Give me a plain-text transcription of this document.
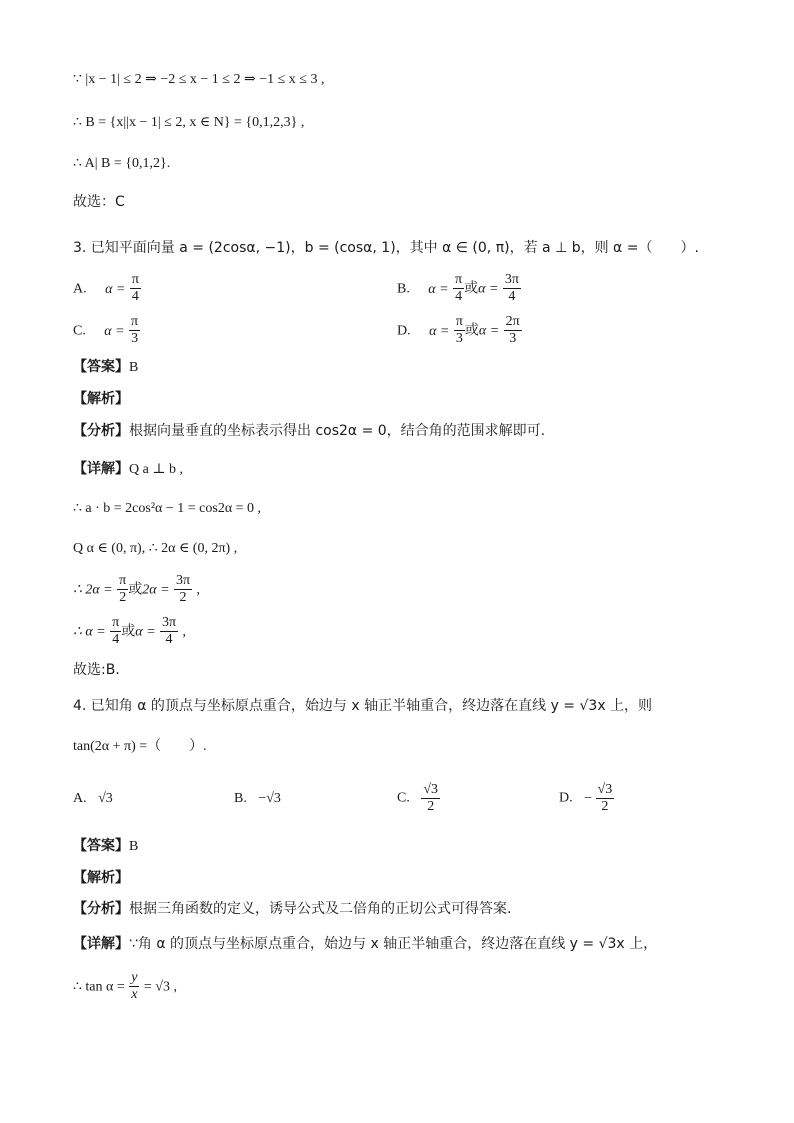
∵ |x − 1| ≤ 2 ⇒ −2 ≤ x − 1 ≤ 2 ⇒ −1 ≤ x ≤ 3 ,
∴ B = {x||x − 1| ≤ 2, x ∈ N} = {0,1,2,3} ,
∴ A| B = {0,1,2}.
故选：C
3. 已知平面向量 a = (2cosα, −1)，b = (cosα, 1)，其中 α ∈ (0, π)，若 a ⊥ b，则 α =（　　）.
A. $\alpha = \frac{\pi}{4}$	B. $\alpha = \frac{\pi}{4}$ 或$\alpha = \frac{3\pi}{4}$
C. $\alpha = \frac{\pi}{3}$	D. $\alpha = \frac{\pi}{3}$ 或$\alpha = \frac{2\pi}{3}$
【答案】B
【解析】
【分析】根据向量垂直的坐标表示得出 cos2α = 0，结合角的范围求解即可.
【详解】Q a ⊥ b ,
∴ a · b = 2cos²α − 1 = cos2α = 0 ,
Q α ∈ (0, π), ∴ 2α ∈ (0, 2π) ,
∴ $2\alpha = \frac{\pi}{2}$ 或$2\alpha = \frac{3\pi}{2}$ ,
∴ $\alpha = \frac{\pi}{4}$ 或$\alpha = \frac{3\pi}{4}$ ,
故选:B.
4. 已知角 α 的顶点与坐标原点重合，始边与 x 轴正半轴重合，终边落在直线 y = √3x 上，则
tan(2α + π) =（　　）.
A. √3	B. −√3	C. $\frac{√3}{2}$	D. − $\frac{√3}{2}$
【答案】B
【解析】
【分析】根据三角函数的定义，诱导公式及二倍角的正切公式可得答案.
【详解】∵角 α 的顶点与坐标原点重合，始边与 x 轴正半轴重合，终边落在直线 y = √3x 上，
∴ $\tan \alpha = \frac{y}{x} = √3$ ,
